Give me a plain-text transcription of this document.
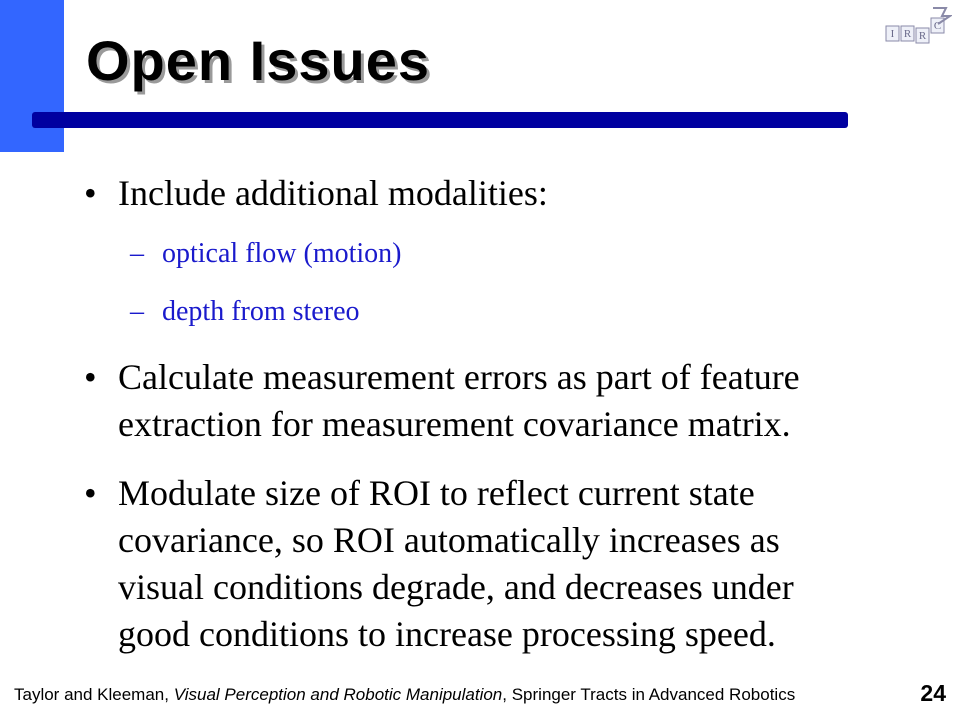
Open Issues	I R R
C
• Include additional modalities:
– optical flow (motion)
– depth from stereo
• Calculate measurement errors as part of feature extraction for measurement covariance matrix.
• Modulate size of ROI to reflect current state covariance, so ROI automatically increases as visual conditions degrade, and decreases under good conditions to increase processing speed.
Taylor and Kleeman, Visual Perception and Robotic Manipulation, Springer Tracts in Advanced Robotics	24
